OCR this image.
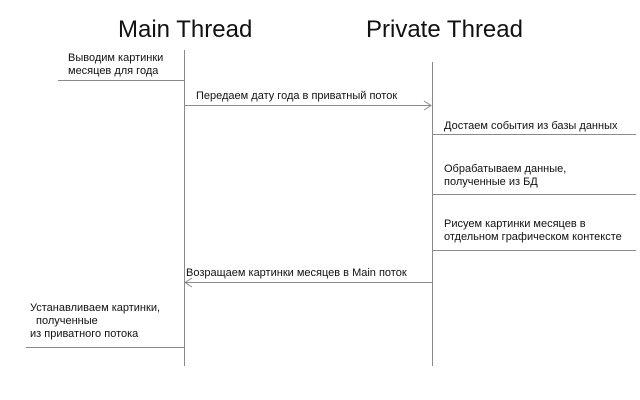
Main Thread	Private Thread
Выводим картинки
месяцев для года
Передаем дату года в приватный поток
Достаем события из базы данных
Обрабатываем данные,
полученные из БД
Рисуем картинки месяцев в
отдельном графическом контексте
Возращаем картинки месяцев в Main поток
Устанавливаем картинки,
полученные
из приватного потока
